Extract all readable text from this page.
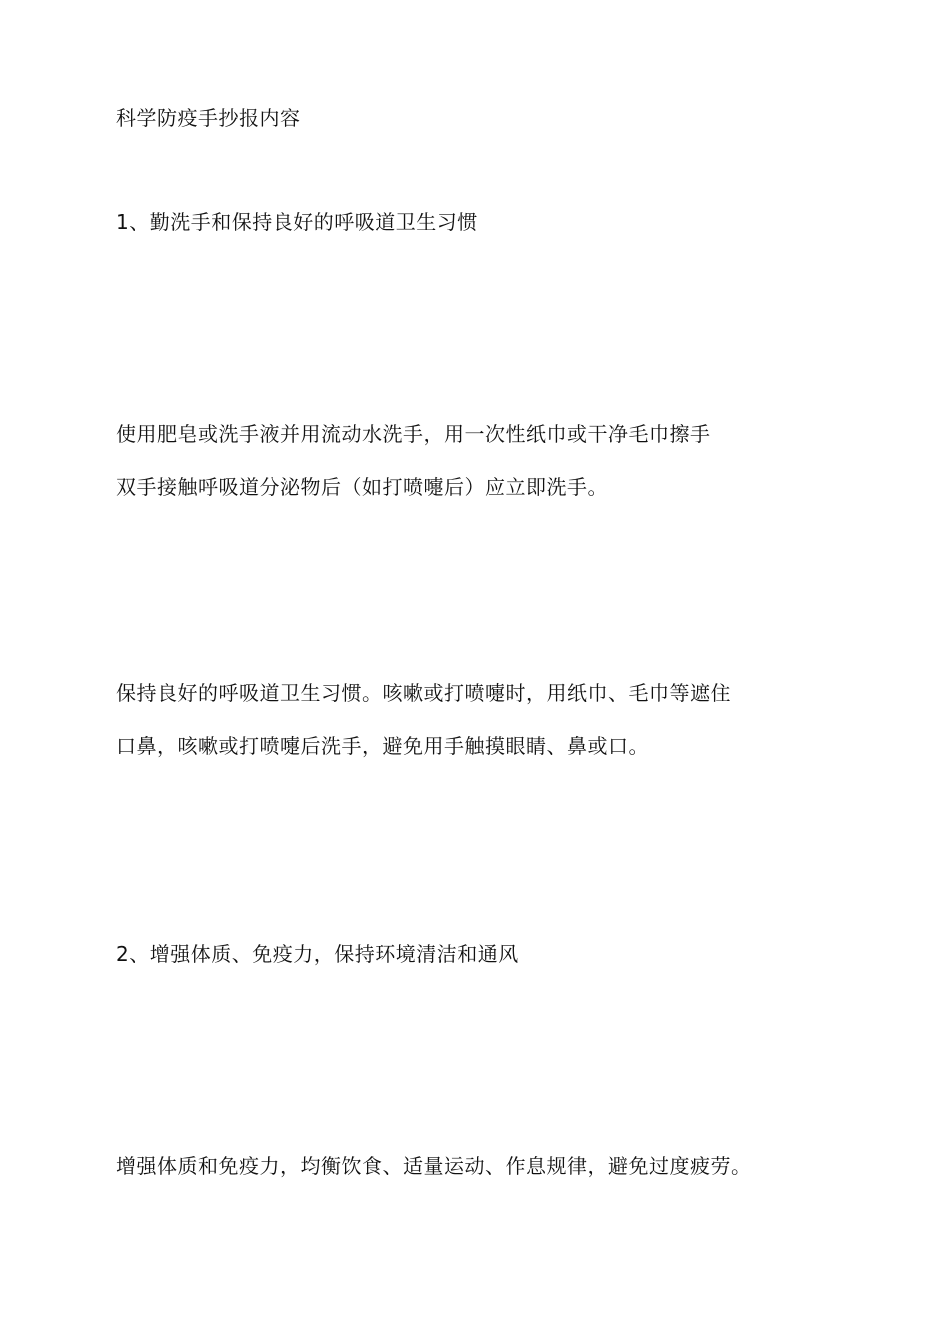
科学防疫手抄报内容
1、勤洗手和保持良好的呼吸道卫生习惯
使用肥皂或洗手液并用流动水洗手，用一次性纸巾或干净毛巾擦手
双手接触呼吸道分泌物后（如打喷嚏后）应立即洗手。
保持良好的呼吸道卫生习惯。咳嗽或打喷嚏时，用纸巾、毛巾等遮住
口鼻，咳嗽或打喷嚏后洗手，避免用手触摸眼睛、鼻或口。
2、增强体质、免疫力，保持环境清洁和通风
增强体质和免疫力，均衡饮食、适量运动、作息规律，避免过度疲劳。
